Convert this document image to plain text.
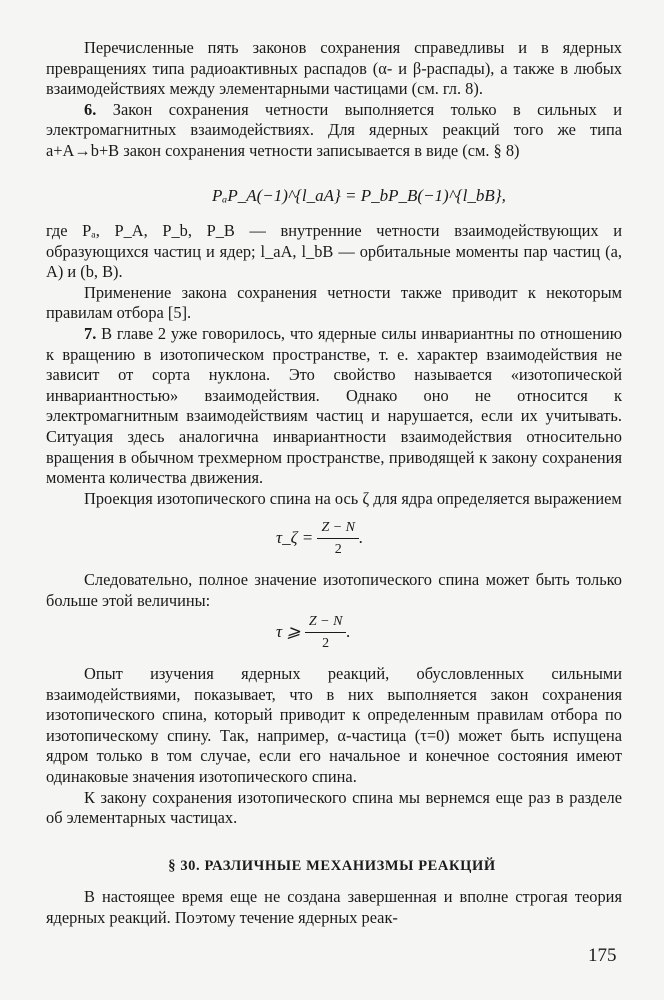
Перечисленные пять законов сохранения справедливы и в ядерных превращениях типа радиоактивных распадов (α- и β-распады), а также в любых взаимодействиях между элементарными частицами (см. гл. 8).

6. Закон сохранения четности выполняется только в сильных и электромагнитных взаимодействиях. Для ядерных реакций того же типа a+A→b+B закон сохранения четности записывается в виде (см. § 8)

PₐP_A(−1)^{l_aA} = P_bP_B(−1)^{l_bB},

где Pₐ, P_A, P_b, P_B — внутренние четности взаимодействующих и образующихся частиц и ядер; l_aA, l_bB — орбитальные моменты пар частиц (a, A) и (b, B).

Применение закона сохранения четности также приводит к некоторым правилам отбора [5].

7. В главе 2 уже говорилось, что ядерные силы инвариантны по отношению к вращению в изотопическом пространстве, т. е. характер взаимодействия не зависит от сорта нуклона. Это свойство называется «изотопической инвариантностью» взаимодействия. Однако оно не относится к электромагнитным взаимодействиям частиц и нарушается, если их учитывать. Ситуация здесь аналогична инвариантности взаимодействия относительно вращения в обычном трехмерном пространстве, приводящей к закону сохранения момента количества движения.

Проекция изотопического спина на ось ζ для ядра определяется выражением

τ_ζ = $\frac{Z - N}{2}$ .

Следовательно, полное значение изотопического спина может быть только больше этой величины:

τ ⩾ $\frac{Z - N}{2}$ .

Опыт изучения ядерных реакций, обусловленных сильными взаимодействиями, показывает, что в них выполняется закон сохранения изотопического спина, который приводит к определенным правилам отбора по изотопическому спину. Так, например, α-частица (τ=0) может быть испущена ядром только в том случае, если его начальное и конечное состояния имеют одинаковые значения изотопического спина.

К закону сохранения изотопического спина мы вернемся еще раз в разделе об элементарных частицах.

§ 30. РАЗЛИЧНЫЕ МЕХАНИЗМЫ РЕАКЦИЙ

В настоящее время еще не создана завершенная и вполне строгая теория ядерных реакций. Поэтому течение ядерных реак-

175
